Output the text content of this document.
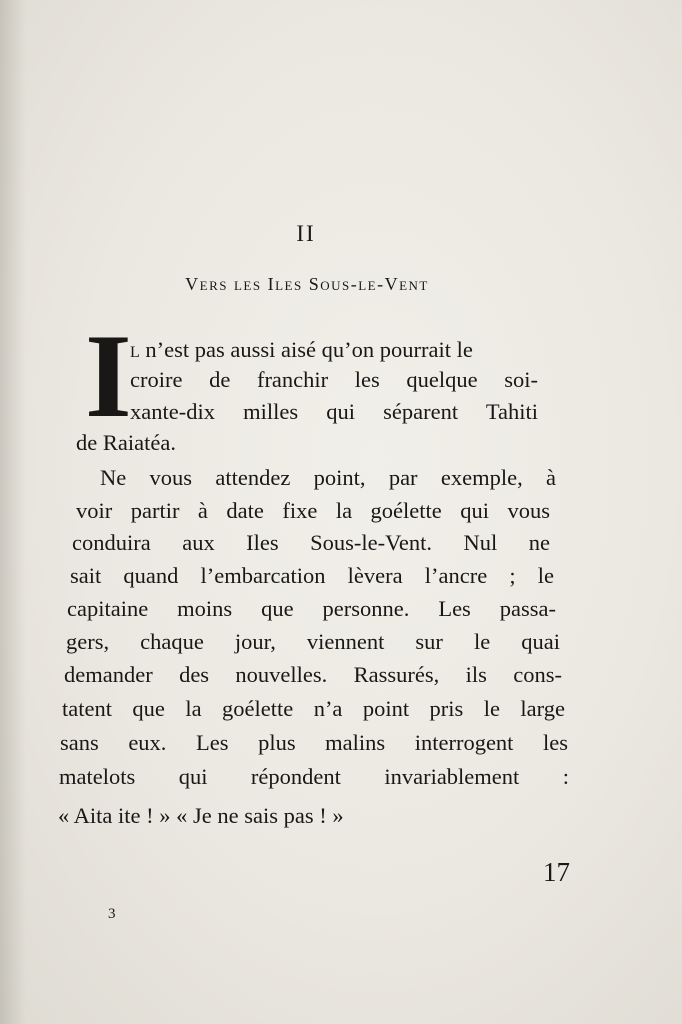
II
Vers les Iles Sous-le-Vent
I
l n’est pas aussi aisé qu’on pourrait le
croire de franchir les quelque soi-
xante-dix milles qui séparent Tahiti
de Raiatéa.
Ne vous attendez point, par exemple, à
voir partir à date fixe la goélette qui vous
conduira aux Iles Sous-le-Vent. Nul ne
sait quand l’embarcation lèvera l’ancre ; le
capitaine moins que personne. Les passa-
gers, chaque jour, viennent sur le quai
demander des nouvelles. Rassurés, ils cons-
tatent que la goélette n’a point pris le large
sans eux. Les plus malins interrogent les
matelots qui répondent invariablement :
« Aita ite ! » « Je ne sais pas ! »
17
3
